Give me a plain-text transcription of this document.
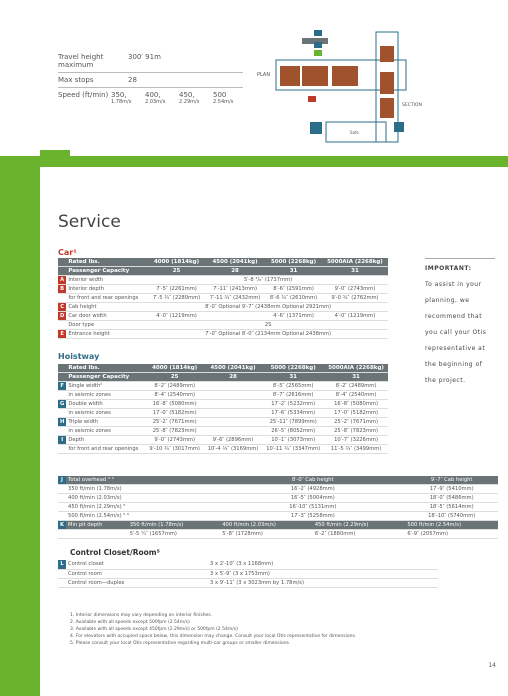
Travel height maximum
300′ 91m
Max stops	28
Speed (ft/min) 350,	400,	450,	500
1.78m/s	2.03m/s	2.29m/s	2.54m/s
PLAN
SECTION
Safe
Service
Car¹
	Rated lbs.	4000 (1814kg)	4500 (2041kg)	5000 (2268kg)	5000AIA (2268kg)
	Passenger Capacity	25	28	31	31
A	Interior width	5′-8 ³/₈″ (1737mm)			
B	Interior depth	7′-5″ (2261mm)	7′-11″ (2413mm)	8′-6″ (2591mm)	9′-0″ (2743mm)
	for front and rear openings	7′-5 ¾″ (2280mm)	7′-11 ¾″ (2432mm)	8′-6 ¾″ (2610mm)	9′-0 ¾″ (2762mm)
C	Cab height	8′-0″ Optional 9′-7″ (2438mm Optional 2921mm)			
D	Car door width	4′-0″ (1219mm)		4′-6″ (1371mm)	4′-0″ (1219mm)
	Door type	2S			
E	Entrance height	7′-0″ Optional 8′-0″ (2134mm Optional 2438mm)			
Hoistway
	Rated lbs.	4000 (1814kg)	4500 (2041kg)	5000 (2268kg)	5000AIA (2268kg)
	Passenger Capacity	25	28	31	31
F	Single width²	8′-2″ (2489mm)		8′-5″ (2565mm)	8′-2″ (2489mm)
	in seismic zones	8′-4″ (2540mm)		8′-7″ (2616mm)	8′-4″ (2540mm)
G	Double width	16′-8″ (5080mm)		17′-2″ (5232mm)	16′-8″ (5080mm)
	in seismic zones	17′-0″ (5182mm)		17′-6″ (5334mm)	17′-0″ (5182mm)
H	Triple width	25′-2″ (7671mm)		25′-11″ (7899mm)	25′-2″ (7671mm)
	in seismic zones	25′-8″ (7823mm)		26′-5″ (8052mm)	25′-8″ (7823mm)
I	Depth	9′-0″ (2743mm)	9′-6″ (2896mm)	10′-1″ (3073mm)	10′-7″ (3226mm)
	for front and rear openings	9′-10 ¾″ (3017mm)	10′-4 ¾″ (3169mm)	10′-11 ¾″ (3347mm)	11′-5 ¾″ (3499mm)
IMPORTANT:
To assist in your
planning, we
recommend that
you call your Otis
representative at
the beginning of
the project.
J	Total overhead ³ ⁴		8′-0″ Cab height		9′-7″ Cab height
	350 ft/min (1.78m/s)		16′-2″ (4928mm)		17′-9″ (5410mm)
	400 ft/min (2.03m/s)		16′-5″ (5004mm)		18′-0″ (5486mm)
	450 ft/min (2.29m/s) ⁵		16′-10″ (5131mm)		18′-5″ (5614mm)
	500 ft/min (2.54m/s) ⁵ ⁶		17′-3″ (5258mm)		18′-10″ (5740mm)
K	Min pit depth	350 ft/min (1.78m/s)	400 ft/min (2.03m/s)	450 ft/min (2.29m/s)	500 ft/min (2.54m/s)
		5′-5 ¼″ (1657mm)	5′-8″ (1728mm)	6′-2″ (1880mm)	6′-9″ (2057mm)
Control Closet/Room⁵
L	Control closet	3 x 2′-10″ (3 x 1168mm)
	Control room	3 x 5′-9″ (3 x 1753mm)
	Control room—duplex	3 x 9′-11″ (3 x 3023mm by 1.78m/s)
1. Interior dimensions may vary depending on interior finishes.
2. Available with all speeds except 500fpm (2.54m/s)
3. Available with all speeds except 450fpm (2.29m/s) or 500fpm (2.54m/s)
4. For elevators with occupied space below, this dimension may change. Consult your local Otis representative for dimensions.
5. Please consult your local Otis representative regarding multi-car groups or smaller dimensions.
14
